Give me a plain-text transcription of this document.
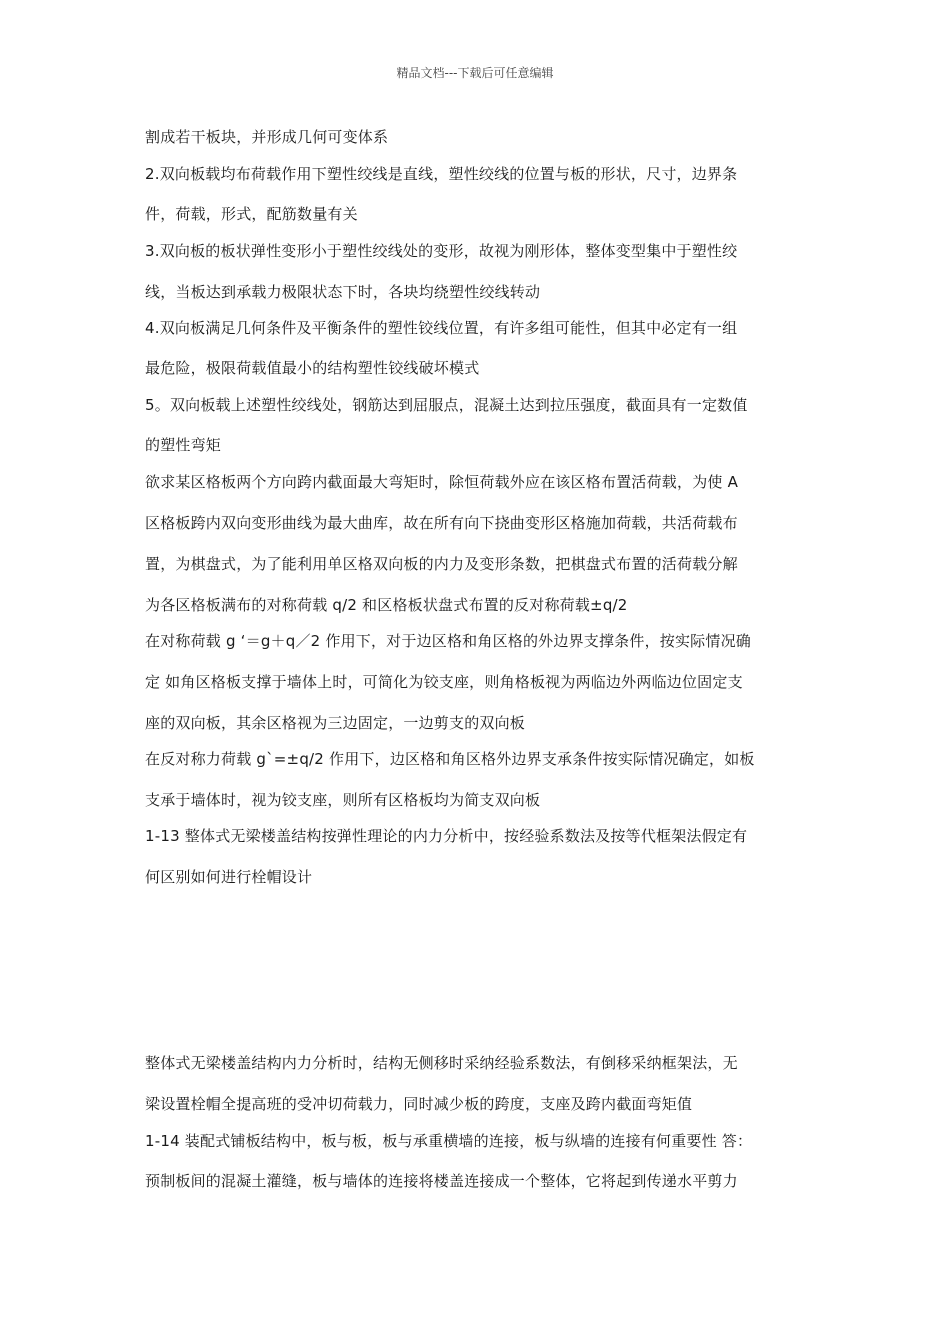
精品文档---下载后可任意编辑
割成若干板块，并形成几何可变体系
2.双向板载均布荷载作用下塑性绞线是直线，塑性绞线的位置与板的形状，尺寸，边界条
件，荷载，形式，配筋数量有关
3.双向板的板状弹性变形小于塑性绞线处的变形，故视为刚形体，整体变型集中于塑性绞
线，当板达到承载力极限状态下时，各块均绕塑性绞线转动
4.双向板满足几何条件及平衡条件的塑性铰线位置，有许多组可能性，但其中必定有一组
最危险，极限荷载值最小的结构塑性铰线破坏模式
5。双向板载上述塑性绞线处，钢筋达到屈服点，混凝土达到拉压强度，截面具有一定数值
的塑性弯矩
欲求某区格板两个方向跨内截面最大弯矩时，除恒荷载外应在该区格布置活荷载，为使 A
区格板跨内双向变形曲线为最大曲库，故在所有向下挠曲变形区格施加荷载，共活荷载布
置，为棋盘式，为了能利用单区格双向板的内力及变形条数，把棋盘式布置的活荷载分解
为各区格板满布的对称荷载 q/2 和区格板状盘式布置的反对称荷载±q/2
在对称荷载 g ‘＝g＋q／2 作用下，对于边区格和角区格的外边界支撑条件，按实际情况确
定 如角区格板支撑于墙体上时，可简化为铰支座，则角格板视为两临边外两临边位固定支
座的双向板，其余区格视为三边固定，一边剪支的双向板
在反对称力荷载 g`=±q/2 作用下，边区格和角区格外边界支承条件按实际情况确定，如板
支承于墙体时，视为铰支座，则所有区格板均为简支双向板
1-13 整体式无梁楼盖结构按弹性理论的内力分析中，按经验系数法及按等代框架法假定有
何区别如何进行栓帽设计
整体式无梁楼盖结构内力分析时，结构无侧移时采纳经验系数法，有倒移采纳框架法，无
梁设置栓帽全提高班的受冲切荷载力，同时减少板的跨度，支座及跨内截面弯矩值
1-14 装配式铺板结构中，板与板，板与承重横墙的连接，板与纵墙的连接有何重要性 答：
预制板间的混凝土灌缝，板与墙体的连接将楼盖连接成一个整体，它将起到传递水平剪力
